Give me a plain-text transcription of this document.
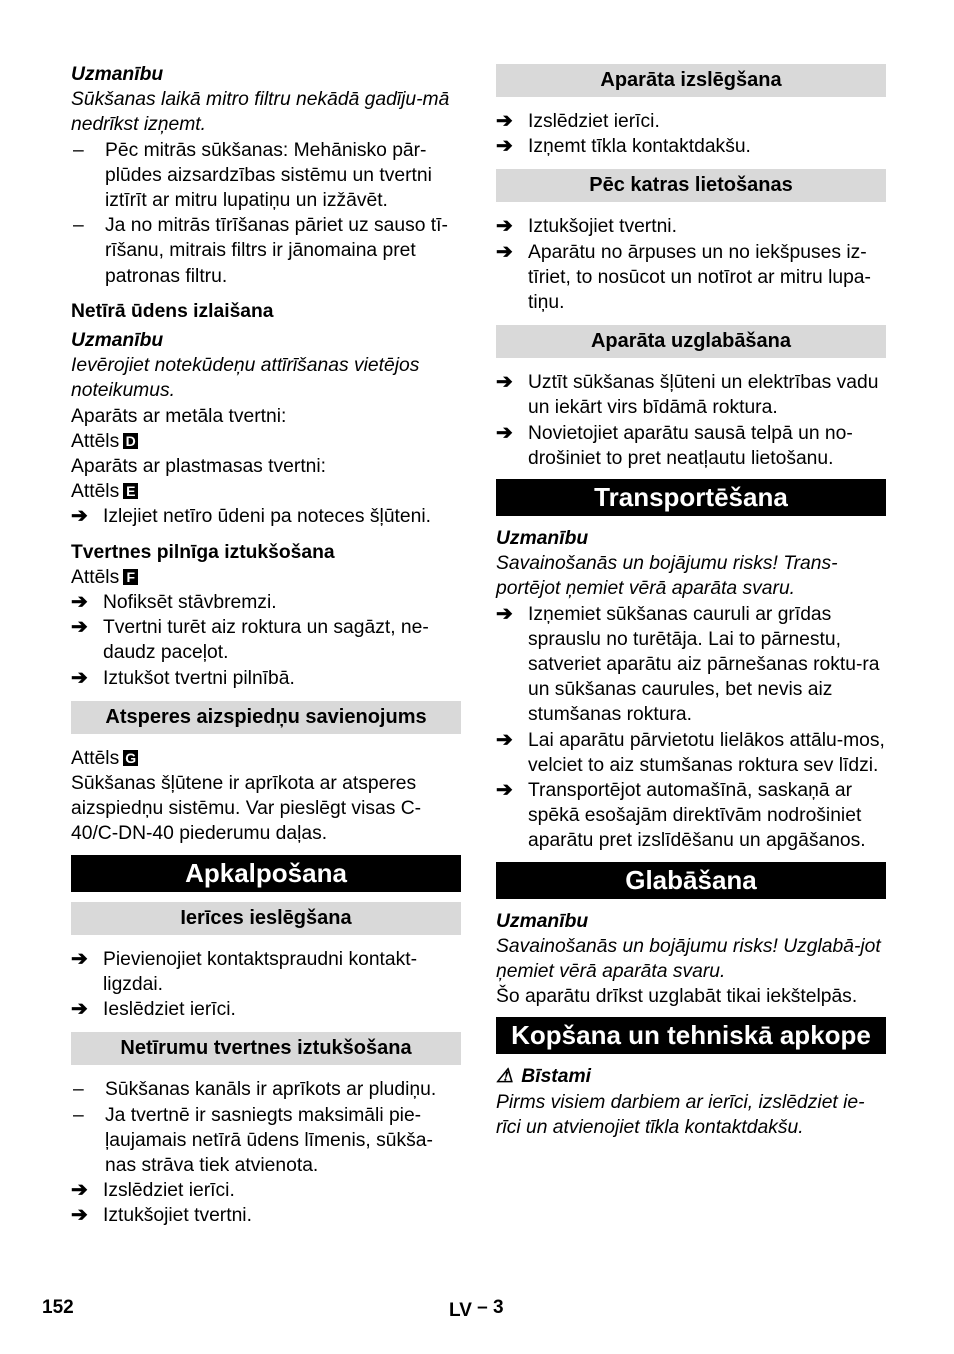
Uzmanību
Sūkšanas laikā mitro filtru nekādā gadīju-mā nedrīkst izņemt.
–	Pēc mitrās sūkšanas: Mehānisko pār-plūdes aizsardzības sistēmu un tvertni iztīrīt ar mitru lupatiņu un izžāvēt.
–	Ja no mitrās tīrīšanas pāriet uz sauso tī-rīšanu, mitrais filtrs ir jānomaina pret patronas filtru.
Netīrā ūdens izlaišana
Uzmanību
Ievērojiet notekūdeņu attīrīšanas vietējos noteikumus.
Aparāts ar metāla tvertni:
Attēls D
Aparāts ar plastmasas tvertni:
Attēls E
➔ Izlejiet netīro ūdeni pa noteces šļūteni.
Tvertnes pilnīga iztukšošana
Attēls F
➔ Nofiksēt stāvbremzi.
➔ Tvertni turēt aiz roktura un sagāzt, ne-daudz paceļot.
➔ Iztukšot tvertni pilnībā.
Atsperes aizspiedņu savienojums
Attēls G
Sūkšanas šļūtene ir aprīkota ar atsperes aizspiedņu sistēmu. Var pieslēgt visas C-40/C-DN-40 piederumu daļas.
Apkalpošana
Ierīces ieslēgšana
➔ Pievienojiet kontaktspraudni kontakt-ligzdai.
➔ Ieslēdziet ierīci.
Netīrumu tvertnes iztukšošana
–	Sūkšanas kanāls ir aprīkots ar pludiņu.
–	Ja tvertnē ir sasniegts maksimāli pie-ļaujamais netīrā ūdens līmenis, sūkša-nas strāva tiek atvienota.
➔ Izslēdziet ierīci.
➔ Iztukšojiet tvertni.
Aparāta izslēgšana
➔ Izslēdziet ierīci.
➔ Izņemt tīkla kontaktdakšu.
Pēc katras lietošanas
➔ Iztukšojiet tvertni.
➔ Aparātu no ārpuses un no iekšpuses iz-tīriet, to nosūcot un notīrot ar mitru lupa-tiņu.
Aparāta uzglabāšana
➔ Uztīt sūkšanas šļūteni un elektrības vadu un iekārt virs bīdāmā roktura.
➔ Novietojiet aparātu sausā telpā un no-drošiniet to pret neatļautu lietošanu.
Transportēšana
Uzmanību
Savainošanās un bojājumu risks! Trans-portējot ņemiet vērā aparāta svaru.
➔ Izņemiet sūkšanas cauruli ar grīdas sprauslu no turētāja. Lai to pārnestu, satveriet aparātu aiz pārnešanas roktu-ra un sūkšanas caurules, bet nevis aiz stumšanas roktura.
➔ Lai aparātu pārvietotu lielākos attālu-mos, velciet to aiz stumšanas roktura sev līdzi.
➔ Transportējot automašīnā, saskaņā ar spēkā esošajām direktīvām nodrošiniet aparātu pret izslīdēšanu un apgāšanos.
Glabāšana
Uzmanību
Savainošanās un bojājumu risks! Uzglabā-jot ņemiet vērā aparāta svaru.
Šo aparātu drīkst uzglabāt tikai iekštelpās.
Kopšana un tehniskā apkope
⚠ Bīstami
Pirms visiem darbiem ar ierīci, izslēdziet ie-rīci un atvienojiet tīkla kontaktdakšu.
152	LV – 3
